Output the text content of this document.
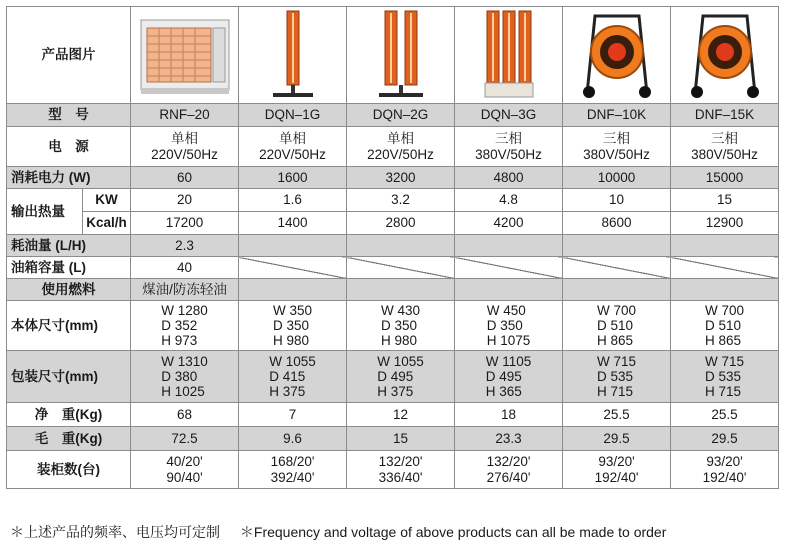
产品图片	

型　号		RNF–20	DQN–1G	DQN–2G	DQN–3G	DNF–10K	DNF–15K
电　源		单相
220V/50Hz	单相
220V/50Hz	单相
220V/50Hz	三相
380V/50Hz	三相
380V/50Hz	三相
380V/50Hz

消耗电力 (W)		60	1600	3200	4800	10000	15000
输出热量	KW	20	1.6	3.2	4.8	10	15
	Kcal/h	17200	1400	2800	4200	8600	12900
耗油量 (L/H)		2.3					
油箱容量 (L)		40					
使用燃料		煤油/防冻轻油					
本体尺寸(mm)		W 1280
D 352
H 973	W 350
D 350
H 980	W 430
D 350
H 980	W 450
D 350
H 1075	W 700
D 510
H 865	W 700
D 510
H 865

包装尺寸(mm)		W 1310
D 380
H 1025	W 1055
D 415
H 375	W 1055
D 495
H 375	W 1105
D 495
H 365	W 715
D 535
H 715	W 715
D 535
H 715

净　重(Kg)		68	7	12	18	25.5	25.5
毛　重(Kg)		72.5	9.6	15	23.3	29.5	29.5
装柜数(台)		40/20'
90/40'	168/20'
392/40'	132/20'
336/40'	132/20'
276/40'	93/20'
192/40'	93/20'
192/40'
＊上述产品的频率、电压均可定制 ＊Frequency and voltage of above products can all be made to order
